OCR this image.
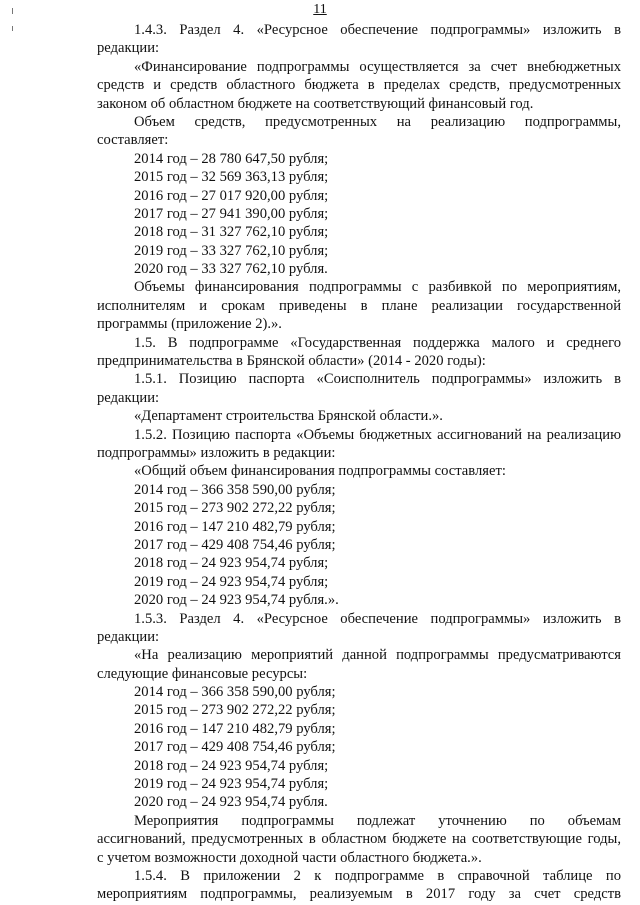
11
1.4.3. Раздел 4. «Ресурсное обеспечение подпрограммы» изложить в
редакции:
«Финансирование подпрограммы осуществляется за счет внебюджетных
средств и средств областного бюджета в пределах средств, предусмотренных
законом об областном бюджете на соответствующий финансовый год.
Объем средств, предусмотренных на реализацию подпрограммы,
составляет:
2014 год – 28 780 647,50 рубля;
2015 год – 32 569 363,13 рубля;
2016 год – 27 017 920,00 рубля;
2017 год – 27 941 390,00 рубля;
2018 год – 31 327 762,10 рубля;
2019 год – 33 327 762,10 рубля;
2020 год – 33 327 762,10 рубля.
Объемы финансирования подпрограммы с разбивкой по мероприятиям,
исполнителям и срокам приведены в плане реализации государственной
программы (приложение 2).».
1.5. В подпрограмме «Государственная поддержка малого и среднего
предпринимательства в Брянской области» (2014 - 2020 годы):
1.5.1. Позицию паспорта «Соисполнитель подпрограммы» изложить в
редакции:
«Департамент строительства Брянской области.».
1.5.2. Позицию паспорта «Объемы бюджетных ассигнований на реализацию
подпрограммы» изложить в редакции:
«Общий объем финансирования подпрограммы составляет:
2014 год – 366 358 590,00 рубля;
2015 год – 273 902 272,22 рубля;
2016 год – 147 210 482,79 рубля;
2017 год – 429 408 754,46 рубля;
2018 год – 24 923 954,74 рубля;
2019 год – 24 923 954,74 рубля;
2020 год – 24 923 954,74 рубля.».
1.5.3. Раздел 4. «Ресурсное обеспечение подпрограммы» изложить в
редакции:
«На реализацию мероприятий данной подпрограммы предусматриваются
следующие финансовые ресурсы:
2014 год – 366 358 590,00 рубля;
2015 год – 273 902 272,22 рубля;
2016 год – 147 210 482,79 рубля;
2017 год – 429 408 754,46 рубля;
2018 год – 24 923 954,74 рубля;
2019 год – 24 923 954,74 рубля;
2020 год – 24 923 954,74 рубля.
Мероприятия подпрограммы подлежат уточнению по объемам
ассигнований, предусмотренных в областном бюджете на соответствующие годы,
с учетом возможности доходной части областного бюджета.».
1.5.4. В приложении 2 к подпрограмме в справочной таблице по
мероприятиям подпрограммы, реализуемым в 2017 году за счет средств
